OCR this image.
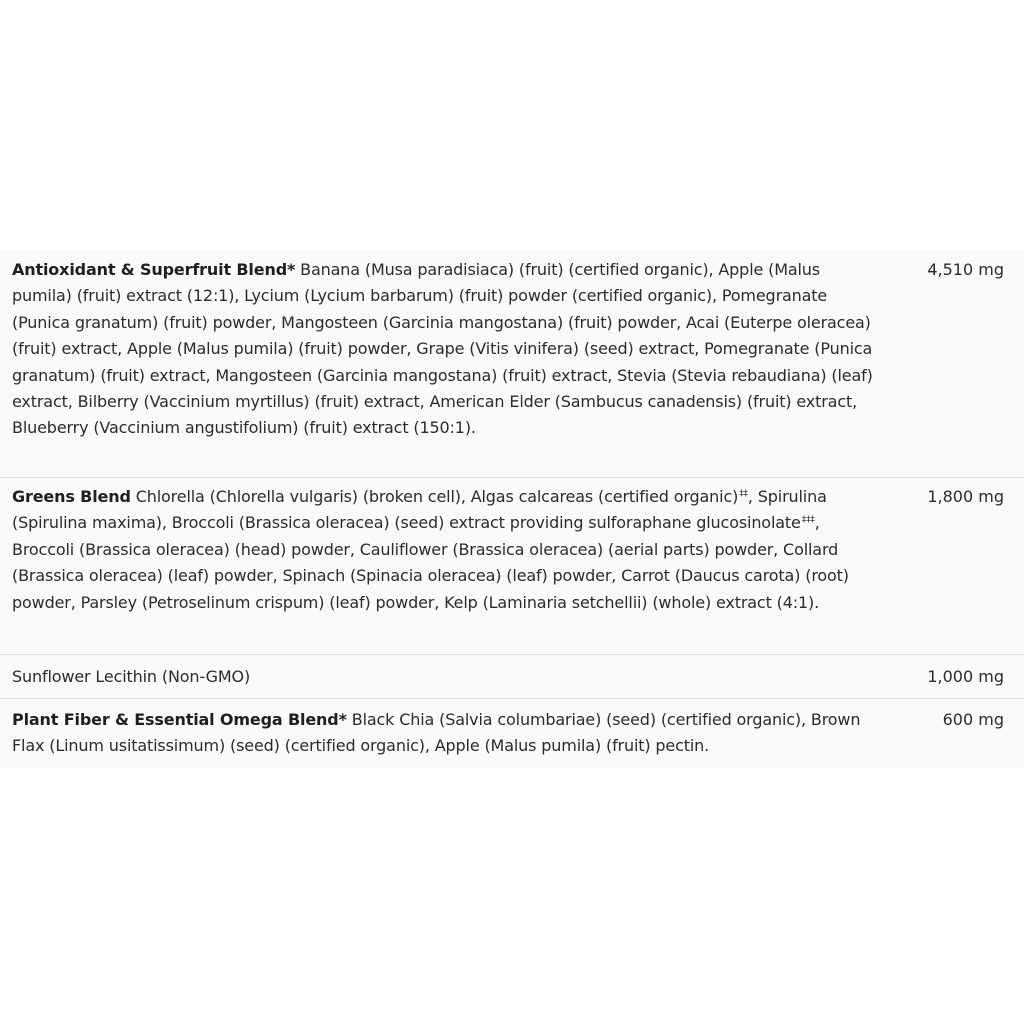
Antioxidant & Superfruit Blend* Banana (Musa paradisiaca) (fruit) (certified organic), Apple (Malus pumila) (fruit) extract (12:1), Lycium (Lycium barbarum) (fruit) powder (certified organic), Pomegranate (Punica granatum) (fruit) powder, Mangosteen (Garcinia mangostana) (fruit) powder, Acai (Euterpe oleracea) (fruit) extract, Apple (Malus pumila) (fruit) powder, Grape (Vitis vinifera) (seed) extract, Pomegranate (Punica granatum) (fruit) extract, Mangosteen (Garcinia mangostana) (fruit) extract, Stevia (Stevia rebaudiana) (leaf) extract, Bilberry (Vaccinium myrtillus) (fruit) extract, American Elder (Sambucus canadensis) (fruit) extract, Blueberry (Vaccinium angustifolium) (fruit) extract (150:1).
4,510 mg
Greens Blend Chlorella (Chlorella vulgaris) (broken cell), Algas calcareas (certified organic)‡‡, Spirulina (Spirulina maxima), Broccoli (Brassica oleracea) (seed) extract providing sulforaphane glucosinolate‡‡‡, Broccoli (Brassica oleracea) (head) powder, Cauliflower (Brassica oleracea) (aerial parts) powder, Collard (Brassica oleracea) (leaf) powder, Spinach (Spinacia oleracea) (leaf) powder, Carrot (Daucus carota) (root) powder, Parsley (Petroselinum crispum) (leaf) powder, Kelp (Laminaria setchellii) (whole) extract (4:1).
1,800 mg
Sunflower Lecithin (Non-GMO)	1,000 mg
Plant Fiber & Essential Omega Blend* Black Chia (Salvia columbariae) (seed) (certified organic), Brown Flax (Linum usitatissimum) (seed) (certified organic), Apple (Malus pumila) (fruit) pectin.
600 mg
